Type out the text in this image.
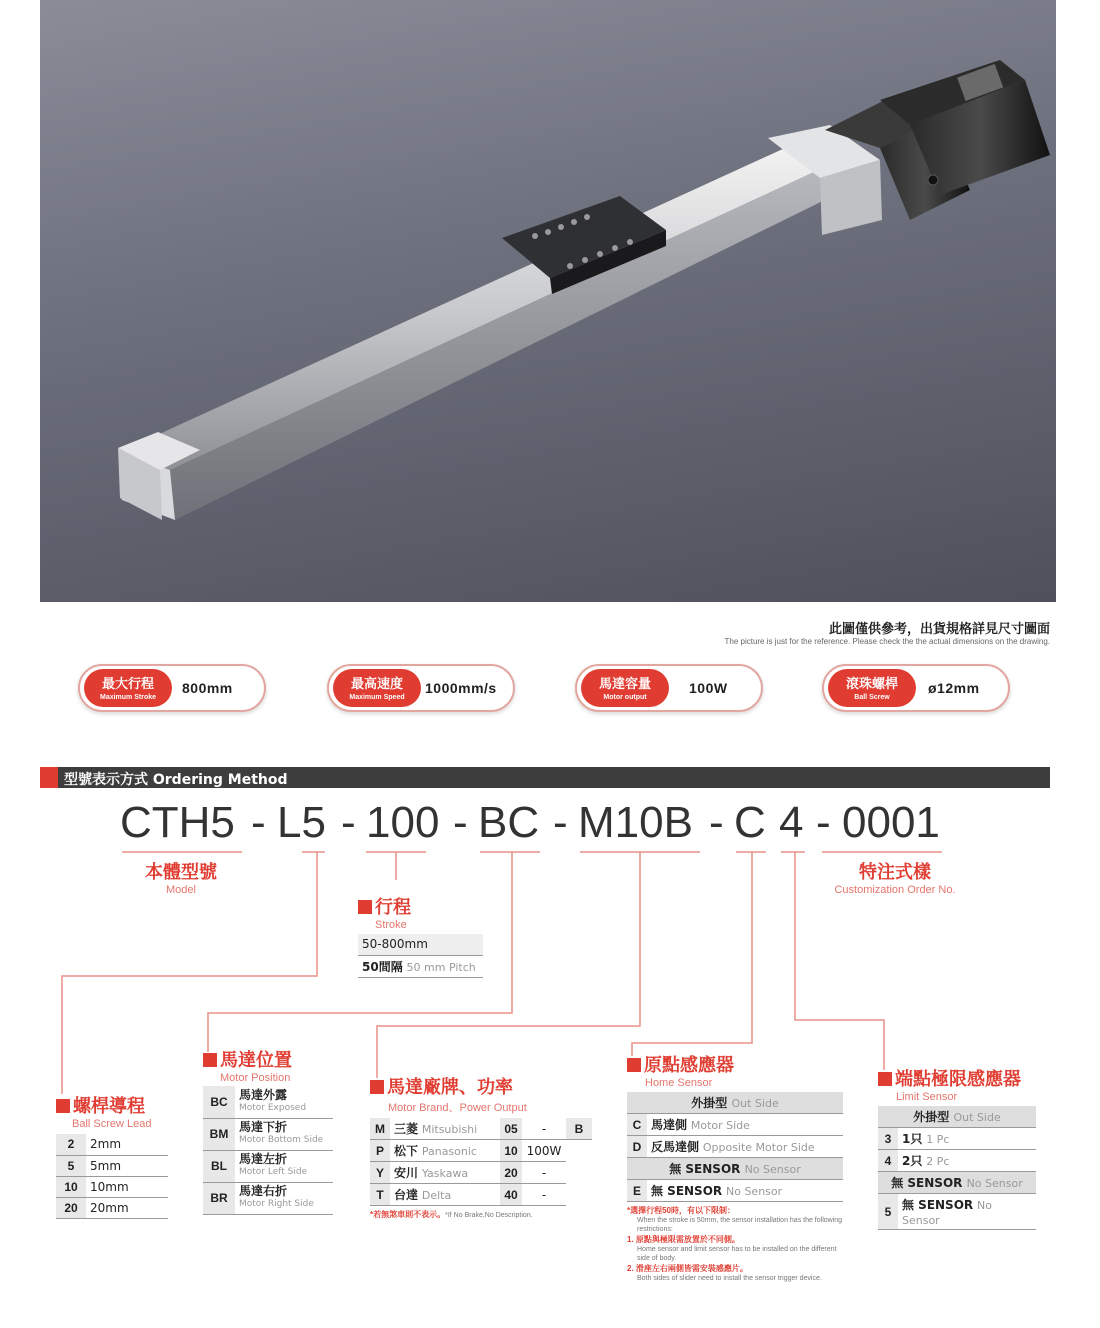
此圖僅供參考，出貨規格詳見尺寸圖面
The picture is just for the reference. Please check the the actual dimensions on the drawing.
最大行程
Maximum Stroke
800mm	最高速度
Maximum Speed
1000mm/s	馬達容量
Motor output
100W	滾珠螺桿
Ball Screw
ø12mm
型號表示方式 Ordering Method
CTH5 - L5 - 100 - BC - M10B - C 4 - 0001
本體型號
Model
特注式樣
Customization Order No.
行程
Stroke
50-800mm
50間隔 50 mm Pitch
螺桿導程
Ball Screw Lead
2	2mm
5	5mm
10	10mm
20	20mm
馬達位置
Motor Position
BC	馬達外露
Motor Exposed
BM	馬達下折
Motor Bottom Side
BL	馬達左折
Motor Left Side
BR	馬達右折
Motor Right Side
馬達廠牌、功率
Motor Brand、Power Output
M	三菱 Mitsubishi	05	-	B
P	松下 Panasonic	10	100W	
Y	安川 Yaskawa	20	-	
T	台達 Delta	40	-	
*若無煞車則不表示。*If No Brake,No Description.
原點感應器
Home Sensor
外掛型 Out Side	
C	馬達側 Motor Side
D	反馬達側 Opposite Motor Side
無 SENSOR No Sensor	
E	無 SENSOR No Sensor
*選擇行程50時，有以下限制：
When the stroke is 50mm, the sensor installation has the following restrictions:
1. 原點與極限需放置於不同側。
Home sensor and limit sensor has to be installed on the different side of body.
2. 滑座左右兩側皆需安裝感應片。
Both sides of slider need to install the sensor trigger device.
端點極限感應器
Limit Sensor
外掛型 Out Side	
3	1只 1 Pc
4	2只 2 Pc
無 SENSOR No Sensor	
5	無 SENSOR No Sensor
